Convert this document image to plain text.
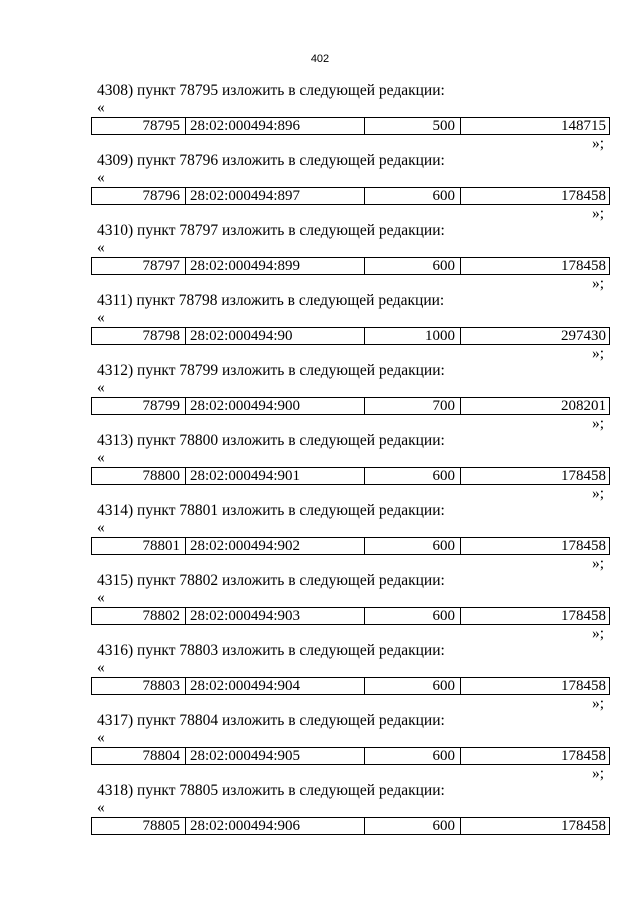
402
4308) пункт 78795 изложить в следующей редакции:
«
78795 28:02:000494:896	500	148715
»;
4309) пункт 78796 изложить в следующей редакции:
«
78796 28:02:000494:897	600	178458
»;
4310) пункт 78797 изложить в следующей редакции:
«
78797 28:02:000494:899	600	178458
»;
4311) пункт 78798 изложить в следующей редакции:
«
78798 28:02:000494:90	1000	297430
»;
4312) пункт 78799 изложить в следующей редакции:
«
78799 28:02:000494:900	700	208201
»;
4313) пункт 78800 изложить в следующей редакции:
«
78800 28:02:000494:901	600	178458
»;
4314) пункт 78801 изложить в следующей редакции:
«
78801 28:02:000494:902	600	178458
»;
4315) пункт 78802 изложить в следующей редакции:
«
78802 28:02:000494:903	600	178458
»;
4316) пункт 78803 изложить в следующей редакции:
«
78803 28:02:000494:904	600	178458
»;
4317) пункт 78804 изложить в следующей редакции:
«
78804 28:02:000494:905	600	178458
»;
4318) пункт 78805 изложить в следующей редакции:
«
78805 28:02:000494:906	600	178458
